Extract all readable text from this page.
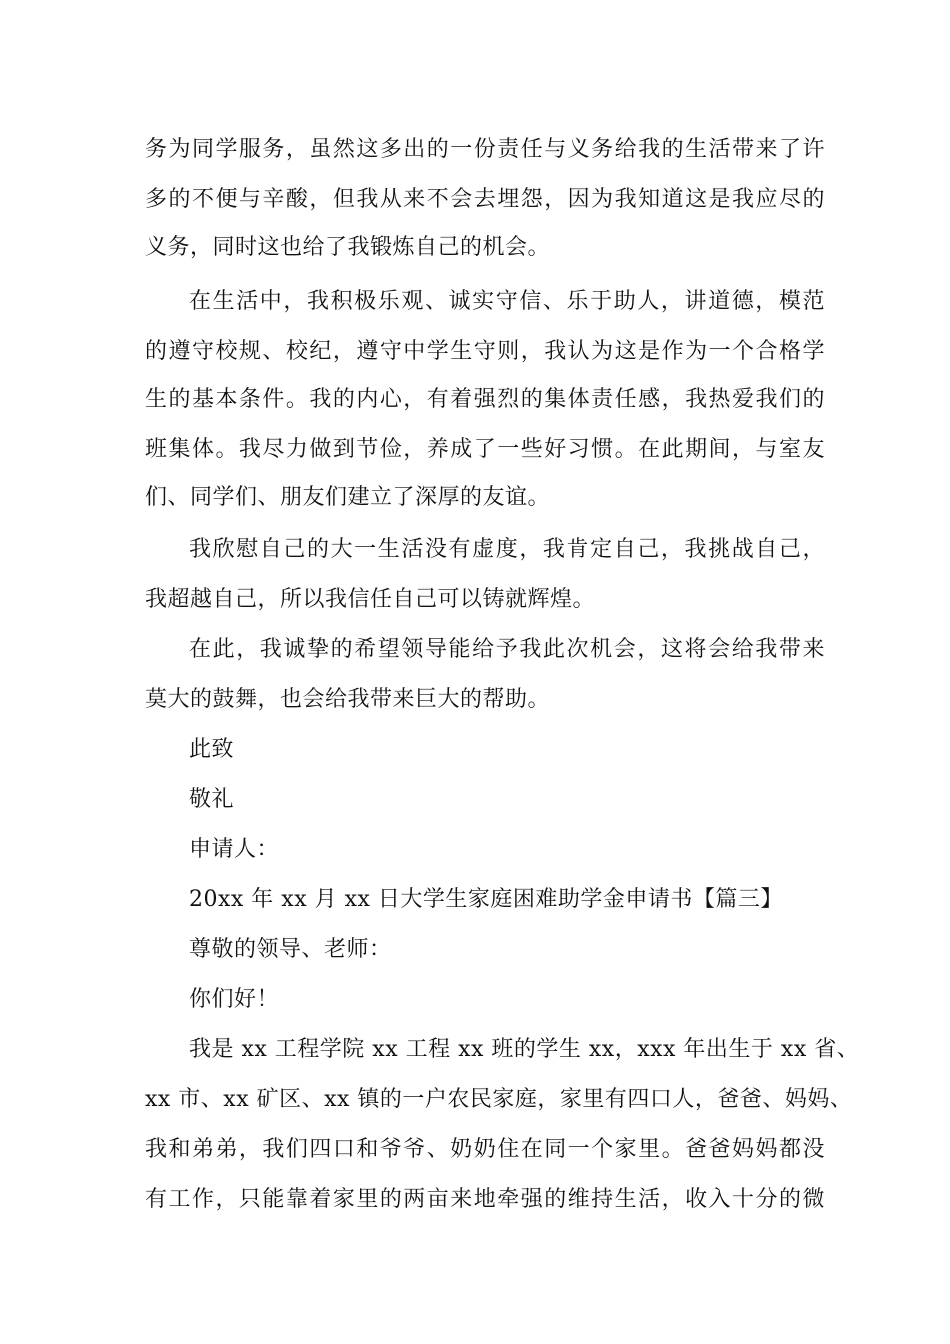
务为同学服务，虽然这多出的一份责任与义务给我的生活带来了许
多的不便与辛酸，但我从来不会去埋怨，因为我知道这是我应尽的
义务，同时这也给了我锻炼自己的机会。
在生活中，我积极乐观、诚实守信、乐于助人，讲道德，模范
的遵守校规、校纪，遵守中学生守则，我认为这是作为一个合格学
生的基本条件。我的内心，有着强烈的集体责任感，我热爱我们的
班集体。我尽力做到节俭，养成了一些好习惯。在此期间，与室友
们、同学们、朋友们建立了深厚的友谊。
我欣慰自己的大一生活没有虚度，我肯定自己，我挑战自己，
我超越自己，所以我信任自己可以铸就辉煌。
在此，我诚挚的希望领导能给予我此次机会，这将会给我带来
莫大的鼓舞，也会给我带来巨大的帮助。
此致
敬礼
申请人：
20xx 年 xx 月 xx 日大学生家庭困难助学金申请书【篇三】
尊敬的领导、老师：
你们好！
我是 xx 工程学院 xx 工程 xx 班的学生 xx，xxx 年出生于 xx 省、
xx 市、xx 矿区、xx 镇的一户农民家庭，家里有四口人，爸爸、妈妈、
我和弟弟，我们四口和爷爷、奶奶住在同一个家里。爸爸妈妈都没
有工作，只能靠着家里的两亩来地牵强的维持生活，收入十分的微
